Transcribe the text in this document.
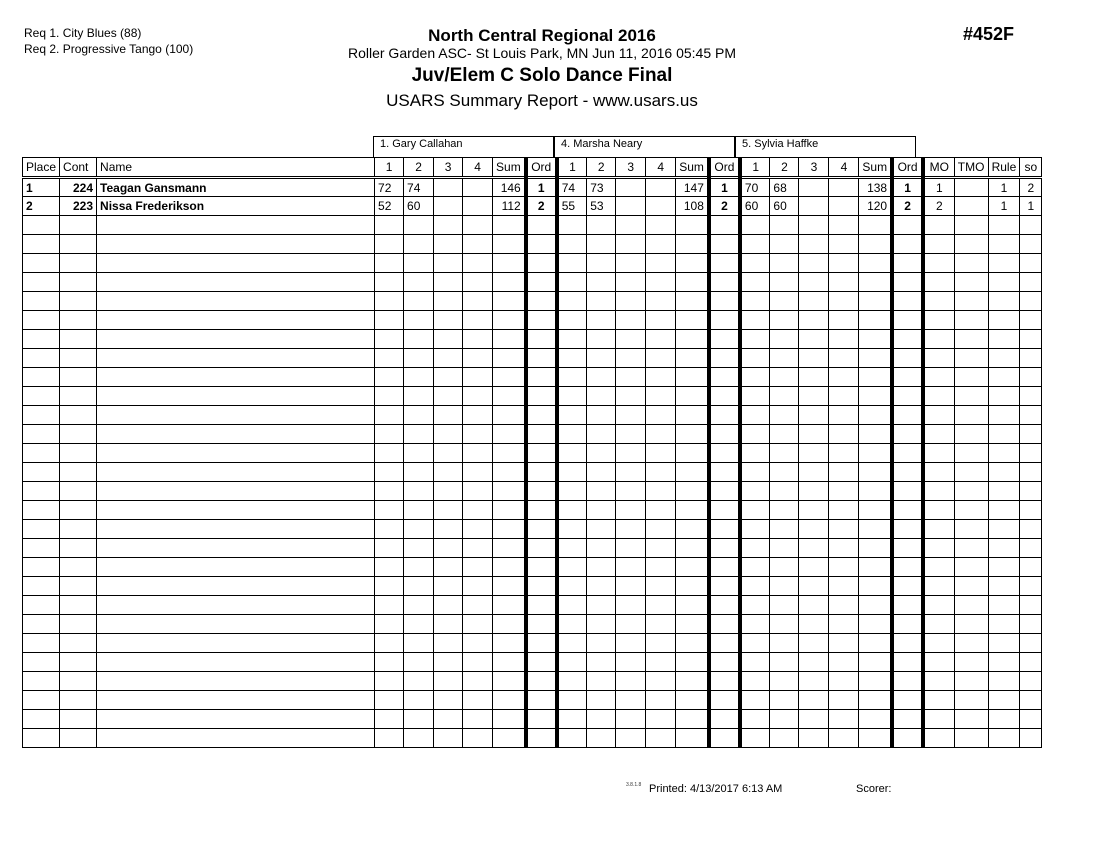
Req 1. City Blues (88)
Req 2. Progressive Tango (100)
North Central Regional 2016
Roller Garden ASC- St Louis Park, MN Jun 11, 2016 05:45 PM
Juv/Elem C Solo Dance Final
USARS Summary Report - www.usars.us
#452F
1. Gary Callahan	4. Marsha Neary	5. Sylvia Haffke
Place	Cont	Name	1	2	3	4	Sum	Ord	1	2	3	4	Sum	Ord	1	2	3	4	Sum	Ord	MO	TMO	Rule	so
1	224	Teagan Gansmann	72	74			146	1	74	73			147	1	70	68			138	1	1		1	2
2	223	Nissa Frederikson	52	60			112	2	55	53			108	2	60	60			120	2	2		1	1

3.8.1.8 Printed: 4/13/2017 6:13 AM	Scorer:
